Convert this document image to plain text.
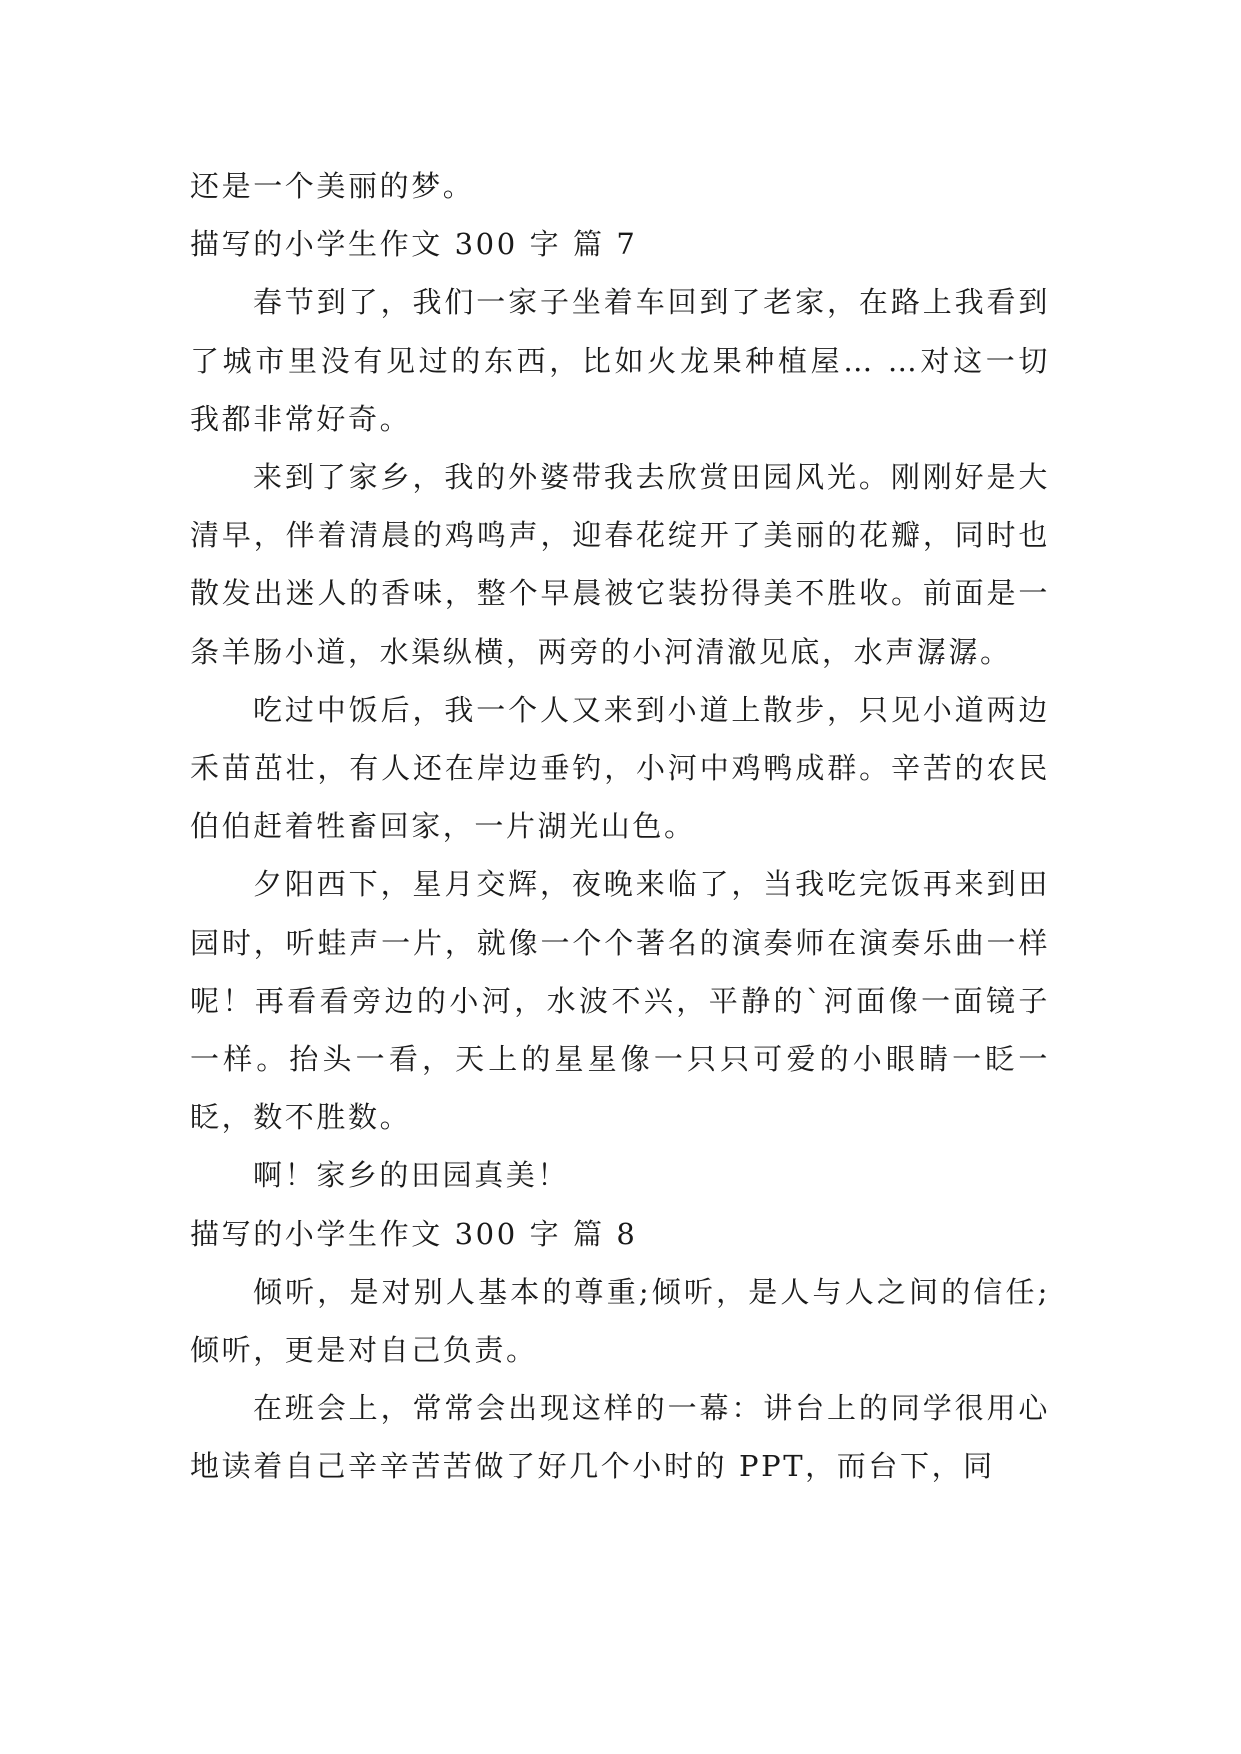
还是一个美丽的梦。

描写的小学生作文 300 字 篇 7

春节到了，我们一家子坐着车回到了老家，在路上我看到了城市里没有见过的东西，比如火龙果种植屋… …对这一切我都非常好奇。

来到了家乡，我的外婆带我去欣赏田园风光。刚刚好是大清早，伴着清晨的鸡鸣声，迎春花绽开了美丽的花瓣，同时也散发出迷人的香味，整个早晨被它装扮得美不胜收。前面是一条羊肠小道，水渠纵横，两旁的小河清澈见底，水声潺潺。

吃过中饭后，我一个人又来到小道上散步，只见小道两边禾苗茁壮，有人还在岸边垂钓，小河中鸡鸭成群。辛苦的农民伯伯赶着牲畜回家，一片湖光山色。

夕阳西下，星月交辉，夜晚来临了，当我吃完饭再来到田园时，听蛙声一片，就像一个个著名的演奏师在演奏乐曲一样呢！再看看旁边的小河，水波不兴，平静的`河面像一面镜子一样。抬头一看，天上的星星像一只只可爱的小眼睛一眨一眨，数不胜数。

啊！家乡的田园真美！

描写的小学生作文 300 字 篇 8

倾听，是对别人基本的尊重;倾听，是人与人之间的信任;倾听，更是对自己负责。

在班会上，常常会出现这样的一幕：讲台上的同学很用心地读着自己辛辛苦苦做了好几个小时的 PPT，而台下，同
